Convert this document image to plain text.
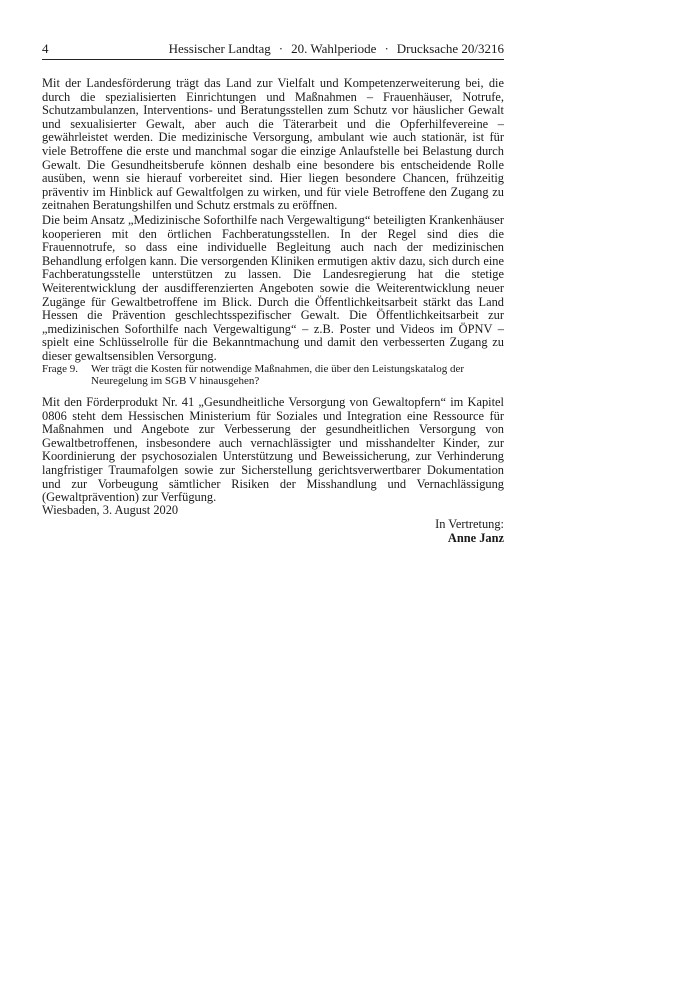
4	Hessischer Landtag · 20. Wahlperiode · Drucksache 20/3216

Mit der Landesförderung trägt das Land zur Vielfalt und Kompetenzerweiterung bei, die durch die spezialisierten Einrichtungen und Maßnahmen – Frauenhäuser, Notrufe, Schutzambulanzen, Interventions- und Beratungsstellen zum Schutz vor häuslicher Gewalt und sexualisierter Gewalt, aber auch die Täterarbeit und die Opferhilfevereine – gewährleistet werden. Die medizinische Versorgung, ambulant wie auch stationär, ist für viele Betroffene die erste und manchmal sogar die einzige Anlaufstelle bei Belastung durch Gewalt. Die Gesundheitsberufe können deshalb eine besondere bis entscheidende Rolle ausüben, wenn sie hierauf vorbereitet sind. Hier liegen besondere Chancen, frühzeitig präventiv im Hinblick auf Gewaltfolgen zu wirken, und für viele Betroffene den Zugang zu zeitnahen Beratungshilfen und Schutz erstmals zu eröffnen.

Die beim Ansatz „Medizinische Soforthilfe nach Vergewaltigung“ beteiligten Krankenhäuser kooperieren mit den örtlichen Fachberatungsstellen. In der Regel sind dies die Frauennotrufe, so dass eine individuelle Begleitung auch nach der medizinischen Behandlung erfolgen kann. Die versorgenden Kliniken ermutigen aktiv dazu, sich durch eine Fachberatungsstelle unterstützen zu lassen. Die Landesregierung hat die stetige Weiterentwicklung der ausdifferenzierten Angeboten sowie die Weiterentwicklung neuer Zugänge für Gewaltbetroffene im Blick. Durch die Öffentlichkeitsarbeit stärkt das Land Hessen die Prävention geschlechtsspezifischer Gewalt. Die Öffentlichkeitsarbeit zur „medizinischen Soforthilfe nach Vergewaltigung“ – z.B. Poster und Videos im ÖPNV – spielt eine Schlüsselrolle für die Bekanntmachung und damit den verbesserten Zugang zu dieser gewaltsensiblen Versorgung.

Frage 9. Wer trägt die Kosten für notwendige Maßnahmen, die über den Leistungskatalog der Neuregelung im SGB V hinausgehen?

Mit den Förderprodukt Nr. 41 „Gesundheitliche Versorgung von Gewaltopfern“ im Kapitel 0806 steht dem Hessischen Ministerium für Soziales und Integration eine Ressource für Maßnahmen und Angebote zur Verbesserung der gesundheitlichen Versorgung von Gewaltbetroffenen, insbesondere auch vernachlässigter und misshandelter Kinder, zur Koordinierung der psychosozialen Unterstützung und Beweissicherung, zur Verhinderung langfristiger Traumafolgen sowie zur Sicherstellung gerichtsverwertbarer Dokumentation und zur Vorbeugung sämtlicher Risiken der Misshandlung und Vernachlässigung (Gewaltprävention) zur Verfügung.

Wiesbaden, 3. August 2020
In Vertretung:
Anne Janz
